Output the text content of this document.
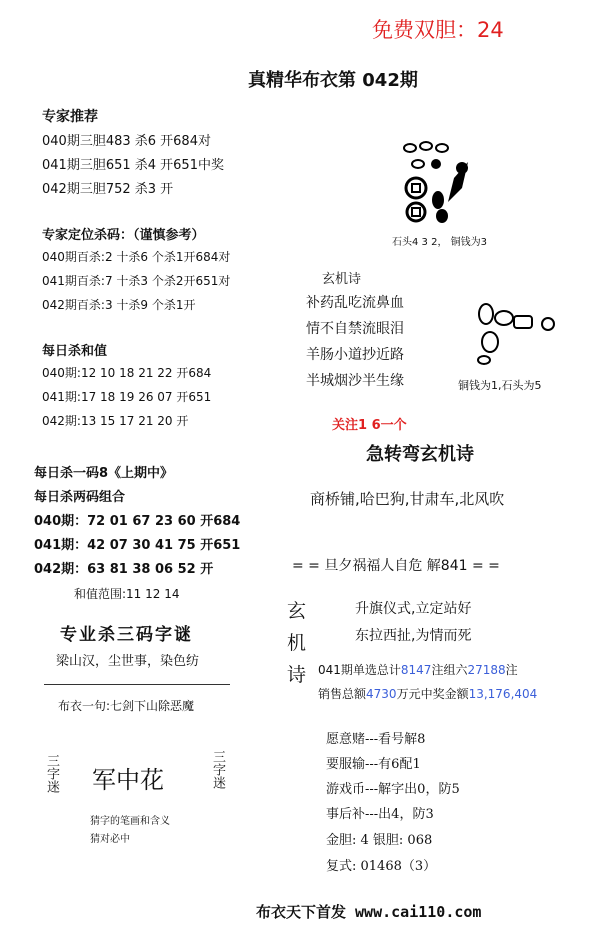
免费双胆：24
真精华布衣第 042期
专家推荐
040期三胆483 杀6 开684对
041期三胆651 杀4 开651中奖
042期三胆752 杀3 开
专家定位杀码：（谨慎参考）
040期百杀:2 十杀6 个杀1开684对
041期百杀:7 十杀3 个杀2开651对
042期百杀:3 十杀9 个杀1开
每日杀和值
040期:12 10 18 21 22 开684
041期:17 18 19 26 07 开651
042期:13 15 17 21 20 开
每日杀一码8《上期中》
每日杀两码组合
040期：72 01 67 23 60 开684
041期：42 07 30 41 75 开651
042期：63 81 38 06 52 开
和值范围:11 12 14
专业杀三码字谜
梁山汉，尘世事，染色纺
布衣一句:七剑下山除恶魔
三字迷 军中花	三字迷
猜字的笔画和含义
猜对必中
石头4 3 2， 铜钱为3
玄机诗
补药乱吃流鼻血
情不自禁流眼泪
羊肠小道抄近路
半城烟沙半生缘	铜钱为1,石头为5
关注1 6一个
急转弯玄机诗
商桥铺,哈巴狗,甘肃车,北风吹
= = 旦夕祸福人自危 解841 = =
玄
机
诗
升旗仪式,立定站好
东拉西扯,为情而死
041期单选总计8147注组六27188注
销售总额4730万元中奖金额13,176,404
愿意赌---看号解8
要服输---有6配1
游戏币---解字出0，防5
事后补---出4，防3
金胆: 4 银胆: 068
复式: 01468（3）
布衣天下首发 www.cai110.com
